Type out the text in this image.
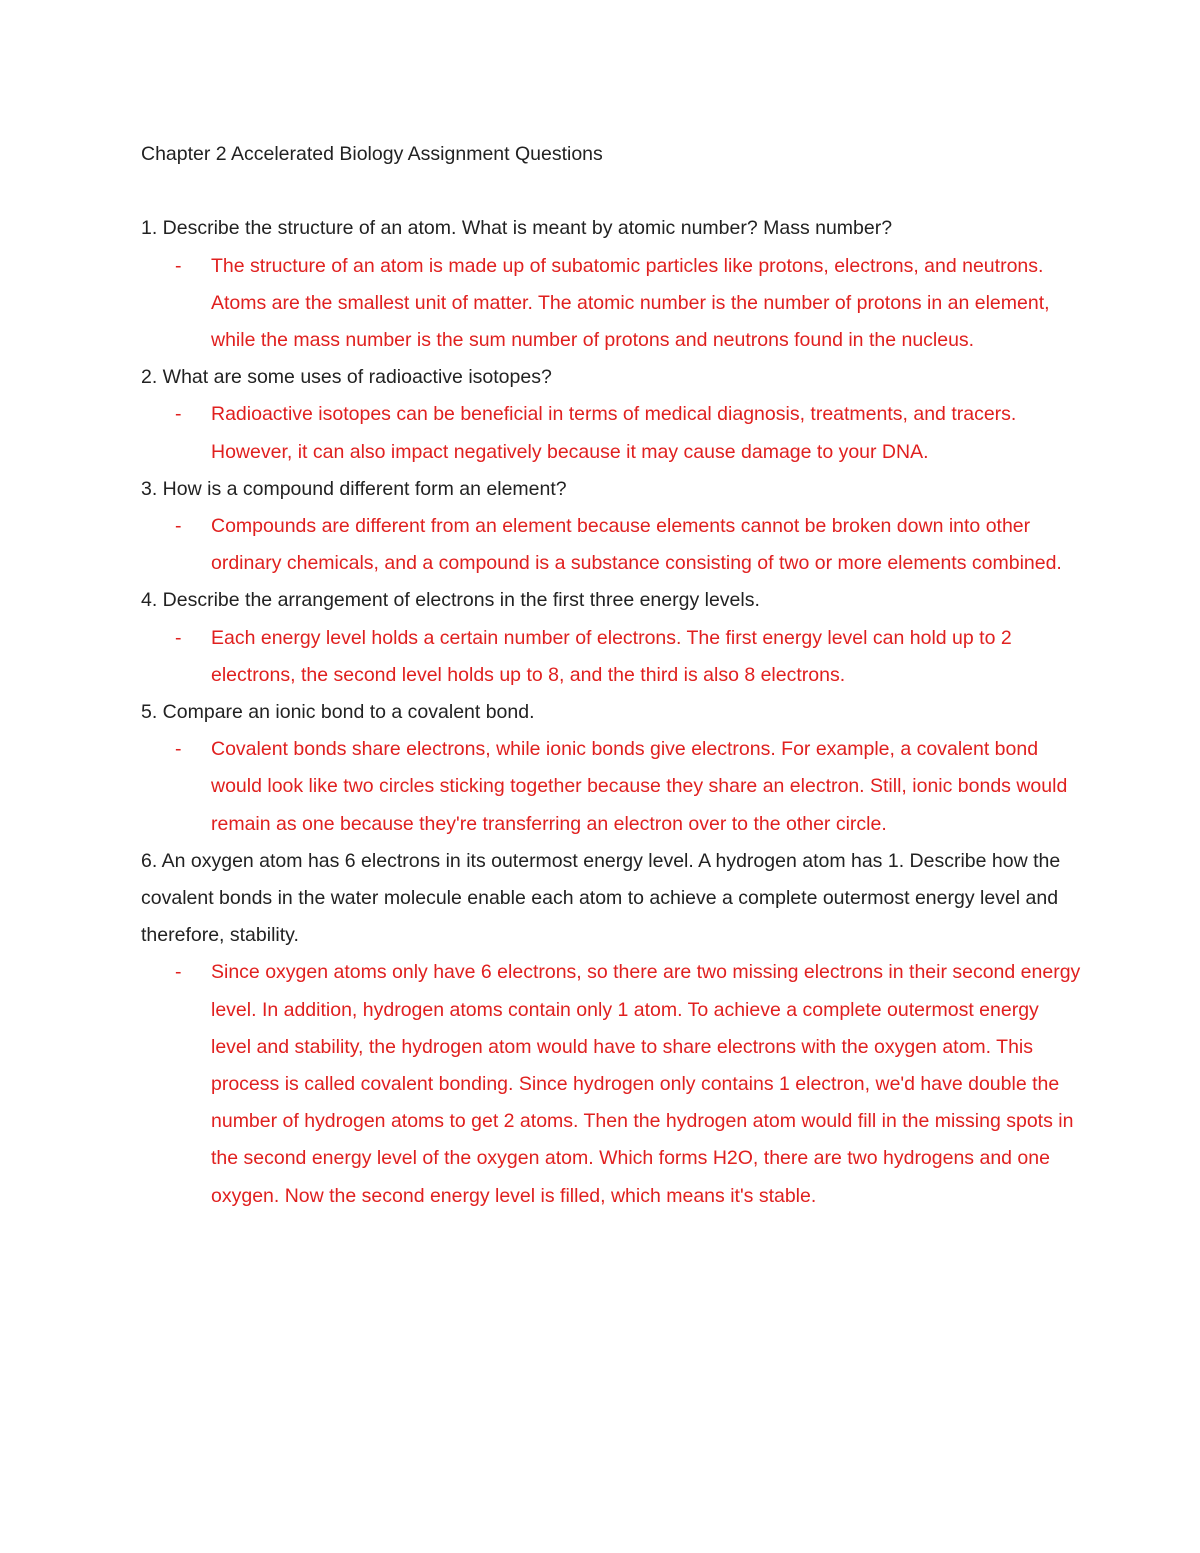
Chapter 2 Accelerated Biology Assignment Questions

1. Describe the structure of an atom. What is meant by atomic number? Mass number?

- The structure of an atom is made up of subatomic particles like protons, electrons, and neutrons. Atoms are the smallest unit of matter. The atomic number is the number of protons in an element, while the mass number is the sum number of protons and neutrons found in the nucleus.

2. What are some uses of radioactive isotopes?

- Radioactive isotopes can be beneficial in terms of medical diagnosis, treatments, and tracers. However, it can also impact negatively because it may cause damage to your DNA.

3. How is a compound different form an element?

- Compounds are different from an element because elements cannot be broken down into other ordinary chemicals, and a compound is a substance consisting of two or more elements combined.

4. Describe the arrangement of electrons in the first three energy levels.

- Each energy level holds a certain number of electrons. The first energy level can hold up to 2 electrons, the second level holds up to 8, and the third is also 8 electrons.

5. Compare an ionic bond to a covalent bond.

- Covalent bonds share electrons, while ionic bonds give electrons. For example, a covalent bond would look like two circles sticking together because they share an electron. Still, ionic bonds would remain as one because they're transferring an electron over to the other circle.

6. An oxygen atom has 6 electrons in its outermost energy level. A hydrogen atom has 1. Describe how the covalent bonds in the water molecule enable each atom to achieve a complete outermost energy level and therefore, stability.

- Since oxygen atoms only have 6 electrons, so there are two missing electrons in their second energy level. In addition, hydrogen atoms contain only 1 atom. To achieve a complete outermost energy level and stability, the hydrogen atom would have to share electrons with the oxygen atom. This process is called covalent bonding. Since hydrogen only contains 1 electron, we'd have double the number of hydrogen atoms to get 2 atoms. Then the hydrogen atom would fill in the missing spots in the second energy level of the oxygen atom. Which forms H2O, there are two hydrogens and one oxygen. Now the second energy level is filled, which means it's stable.
